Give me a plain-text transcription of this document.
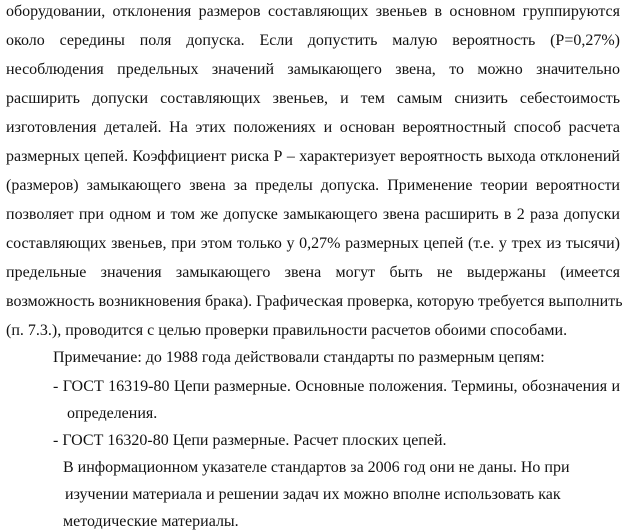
оборудовании, отклонения размеров составляющих звеньев в основном группируются
около середины поля допуска. Если допустить малую вероятность (Р=0,27%)
несоблюдения предельных значений замыкающего звена, то можно значительно
расширить допуски составляющих звеньев, и тем самым снизить себестоимость
изготовления деталей. На этих положениях и основан вероятностный способ расчета
размерных цепей. Коэффициент риска Р – характеризует вероятность выхода отклонений
(размеров) замыкающего звена за пределы допуска. Применение теории вероятности
позволяет при одном и том же допуске замыкающего звена расширить в 2 раза допуски
составляющих звеньев, при этом только у 0,27% размерных цепей (т.е. у трех из тысячи)
предельные значения замыкающего звена могут быть не выдержаны (имеется
возможность возникновения брака). Графическая проверка, которую требуется выполнить
(п. 7.3.), проводится с целью проверки правильности расчетов обоими способами.
Примечание: до 1988 года действовали стандарты по размерным цепям:
- ГОСТ 16319-80 Цепи размерные. Основные положения. Термины, обозначения и
определения.
- ГОСТ 16320-80 Цепи размерные. Расчет плоских цепей.
В информационном указателе стандартов за 2006 год они не даны. Но при
изучении материала и решении задач их можно вполне использовать как
методические материалы.
